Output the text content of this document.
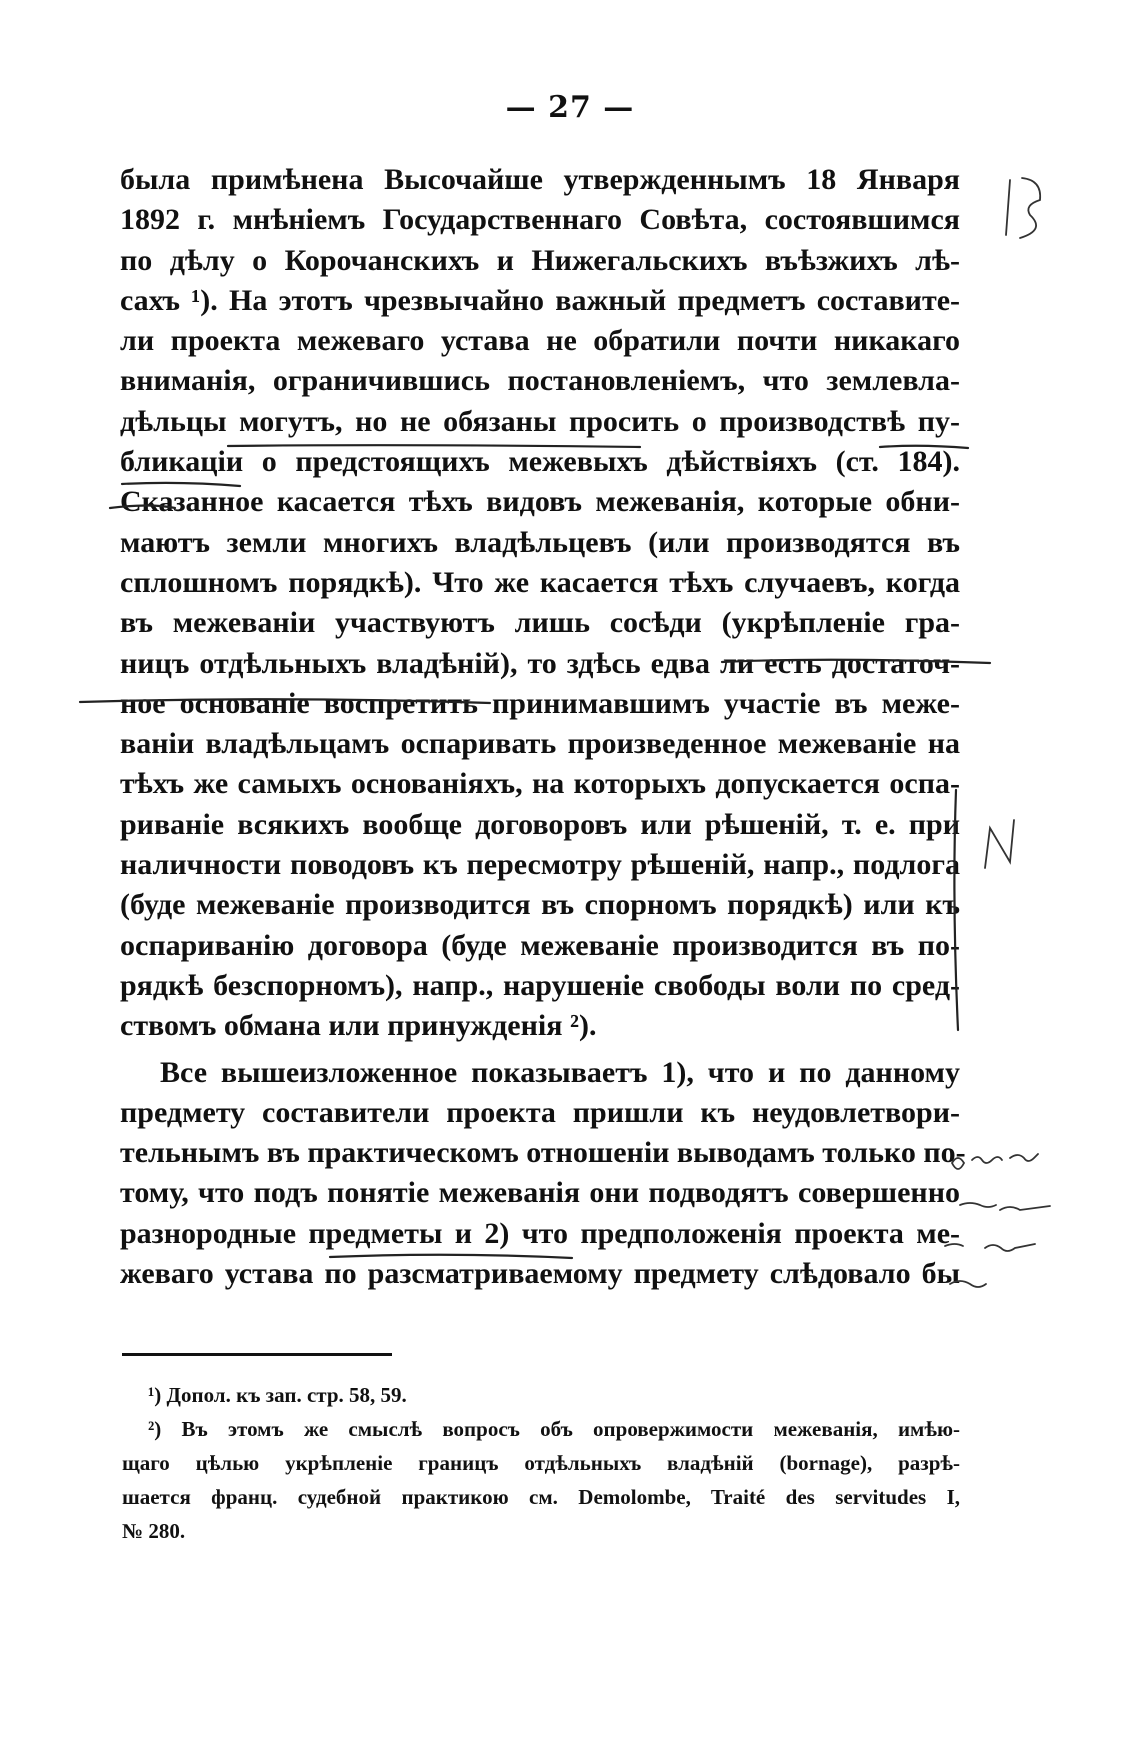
— 27 —
была примѣнена Высочайше утвержденнымъ 18 Января
1892 г. мнѣніемъ Государственнаго Совѣта, состоявшимся
по дѣлу о Корочанскихъ и Нижегальскихъ въѣзжихъ лѣ-
сахъ ¹). На этотъ чрезвычайно важный предметъ составите-
ли проекта межеваго устава не обратили почти никакаго
вниманія, ограничившись постановленіемъ, что землевла-
дѣльцы могутъ, но не обязаны просить о производствѣ пу-
бликаціи о предстоящихъ межевыхъ дѣйствіяхъ (ст. 184).
Сказанное касается тѣхъ видовъ межеванія, которые обни-
маютъ земли многихъ владѣльцевъ (или производятся въ
сплошномъ порядкѣ). Что же касается тѣхъ случаевъ, когда
въ межеваніи участвуютъ лишь сосѣди (укрѣпленіе гра-
ницъ отдѣльныхъ владѣній), то здѣсь едва ли есть достаточ-
ное основаніе воспретить принимавшимъ участіе въ меже-
ваніи владѣльцамъ оспаривать произведенное межеваніе на
тѣхъ же самыхъ основаніяхъ, на которыхъ допускается оспа-
риваніе всякихъ вообще договоровъ или рѣшеній, т. е. при
наличности поводовъ къ пересмотру рѣшеній, напр., подлога
(буде межеваніе производится въ спорномъ порядкѣ) или къ
оспариванію договора (буде межеваніе производится въ по-
рядкѣ безспорномъ), напр., нарушеніе свободы воли по сред-
ствомъ обмана или принужденія ²).
Все вышеизложенное показываетъ 1), что и по данному
предмету составители проекта пришли къ неудовлетвори-
тельнымъ въ практическомъ отношеніи выводамъ только по-
тому, что подъ понятіе межеванія они подводятъ совершенно
разнородные предметы и 2) что предположенія проекта ме-
жеваго устава по разсматриваемому предмету слѣдовало бы
¹) Допол. къ зап. стр. 58, 59.
²) Въ этомъ же смыслѣ вопросъ объ опровержимости межеванія, имѣю-
щаго цѣлью укрѣпленіе границъ отдѣльныхъ владѣній (bornage), разрѣ-
шается франц. судебной практикою см. Demolombe, Traité des servitudes I,
№ 280.
